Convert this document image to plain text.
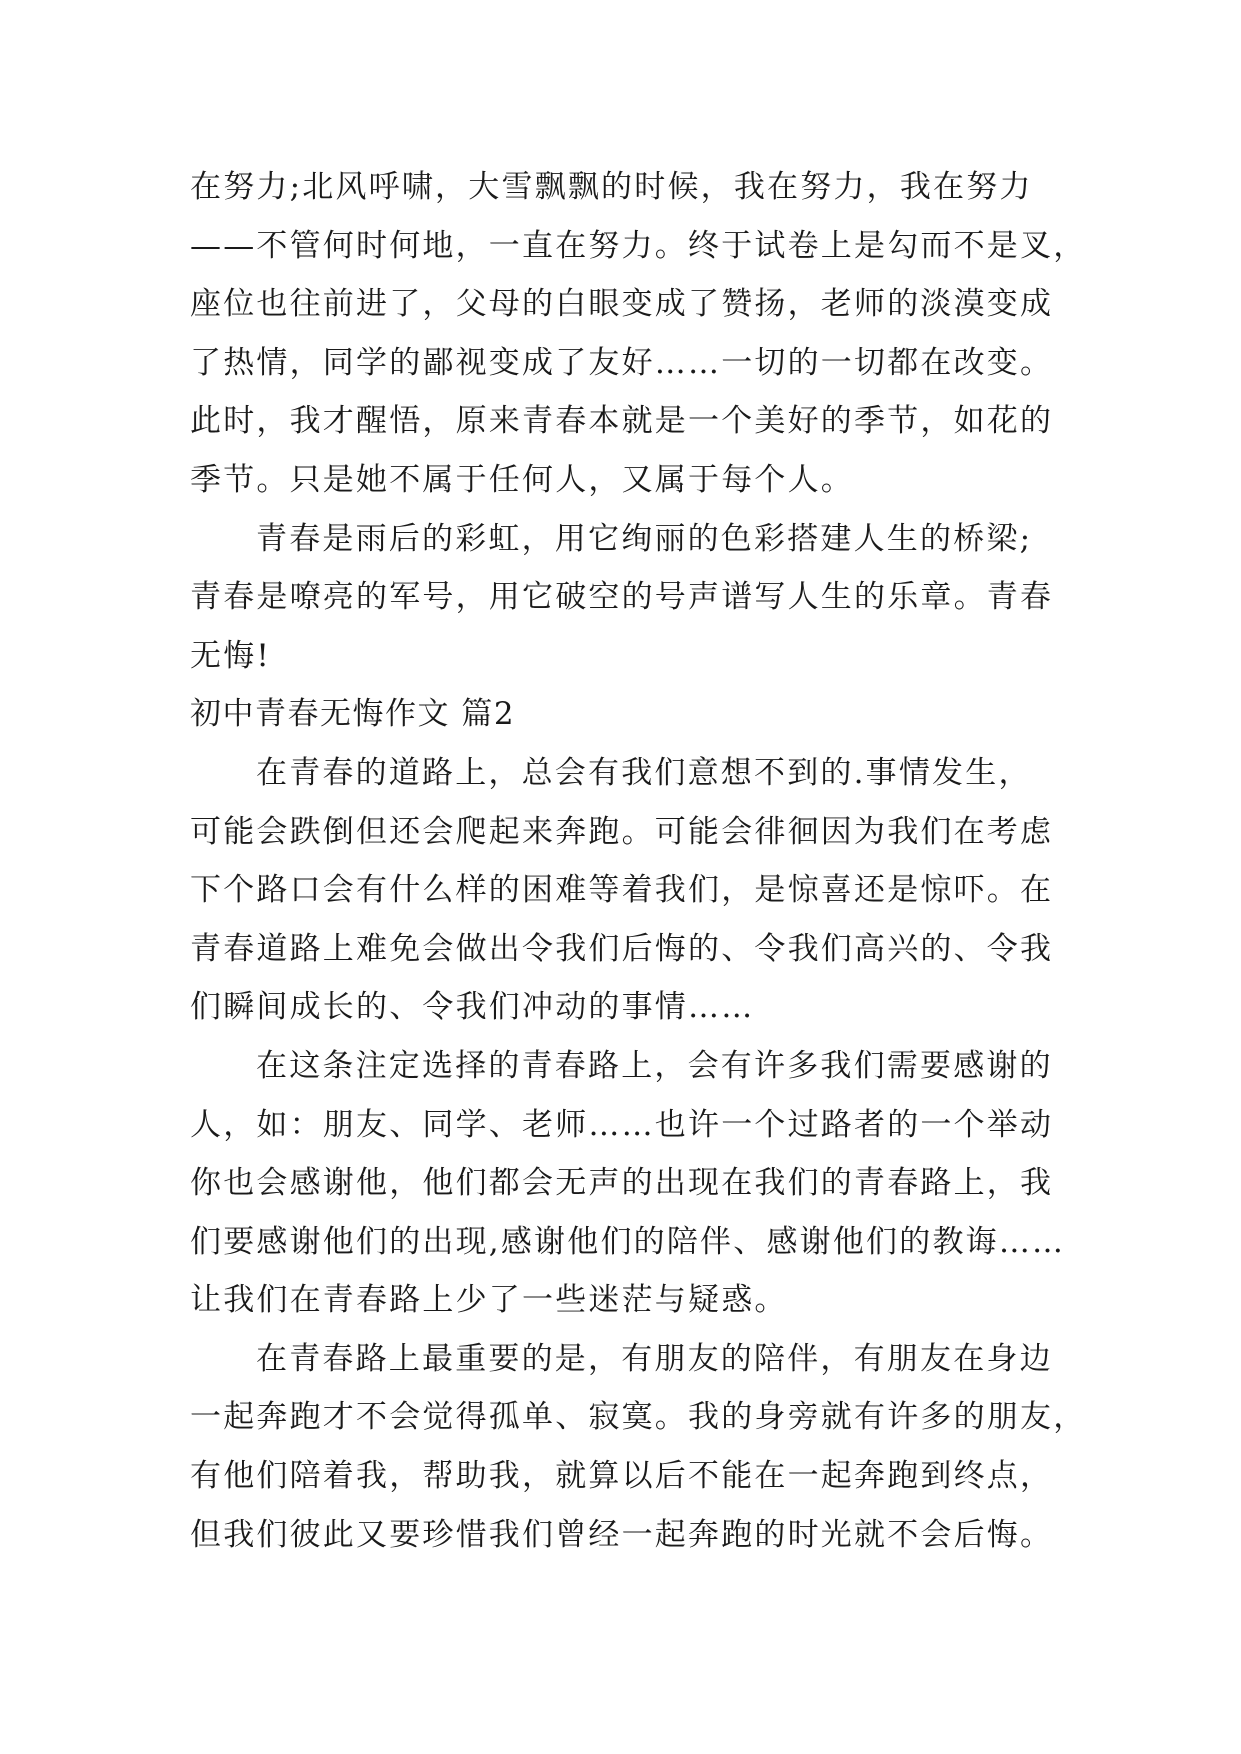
在努力;北风呼啸，大雪飘飘的时候，我在努力，我在努力
——不管何时何地，一直在努力。终于试卷上是勾而不是叉，
座位也往前进了，父母的白眼变成了赞扬，老师的淡漠变成
了热情，同学的鄙视变成了友好……一切的一切都在改变。
此时，我才醒悟，原来青春本就是一个美好的季节，如花的
季节。只是她不属于任何人，又属于每个人。
青春是雨后的彩虹，用它绚丽的色彩搭建人生的桥梁;
青春是嘹亮的军号，用它破空的号声谱写人生的乐章。青春
无悔!
初中青春无悔作文 篇2
在青春的道路上，总会有我们意想不到的.事情发生，
可能会跌倒但还会爬起来奔跑。可能会徘徊因为我们在考虑
下个路口会有什么样的困难等着我们，是惊喜还是惊吓。在
青春道路上难免会做出令我们后悔的、令我们高兴的、令我
们瞬间成长的、令我们冲动的事情……
在这条注定选择的青春路上，会有许多我们需要感谢的
人，如：朋友、同学、老师……也许一个过路者的一个举动
你也会感谢他，他们都会无声的出现在我们的青春路上，我
们要感谢他们的出现,感谢他们的陪伴、感谢他们的教诲……
让我们在青春路上少了一些迷茫与疑惑。
在青春路上最重要的是，有朋友的陪伴，有朋友在身边
一起奔跑才不会觉得孤单、寂寞。我的身旁就有许多的朋友，
有他们陪着我，帮助我，就算以后不能在一起奔跑到终点，
但我们彼此又要珍惜我们曾经一起奔跑的时光就不会后悔。
